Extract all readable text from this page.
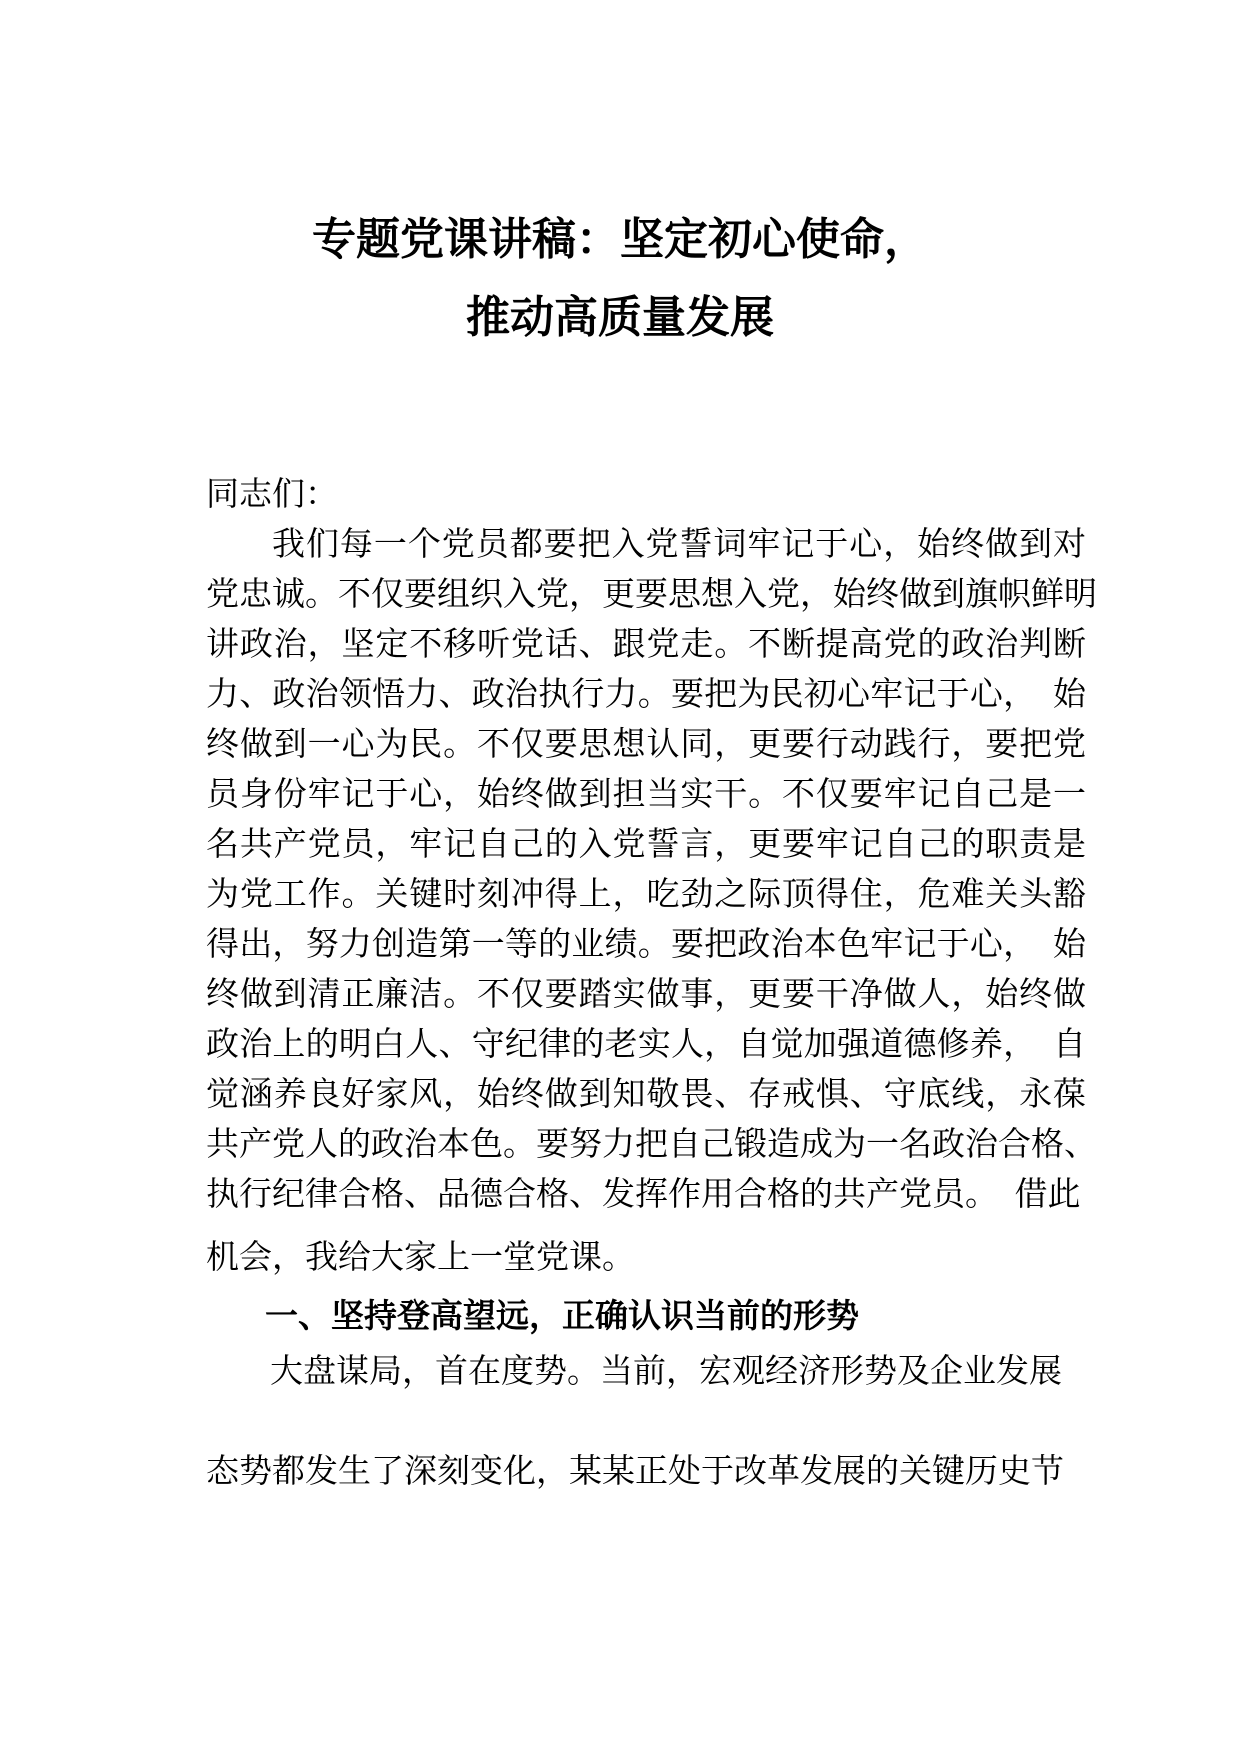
专题党课讲稿：坚定初心使命，
推动高质量发展

同志们：

我们每一个党员都要把入党誓词牢记于心，始终做到对

党忠诚。不仅要组织入党，更要思想入党，始终做到旗帜鲜明

讲政治，坚定不移听党话、跟党走。不断提高党的政治判断

力、政治领悟力、政治执行力。要把为民初心牢记于心，　始

终做到一心为民。不仅要思想认同，更要行动践行，要把党

员身份牢记于心，始终做到担当实干。不仅要牢记自己是一

名共产党员，牢记自己的入党誓言，更要牢记自己的职责是

为党工作。关键时刻冲得上，吃劲之际顶得住，危难关头豁

得出，努力创造第一等的业绩。要把政治本色牢记于心，　始

终做到清正廉洁。不仅要踏实做事，更要干净做人，始终做

政治上的明白人、守纪律的老实人，自觉加强道德修养，　自

觉涵养良好家风，始终做到知敬畏、存戒惧、守底线，永葆

共产党人的政治本色。要努力把自己锻造成为一名政治合格、

执行纪律合格、品德合格、发挥作用合格的共产党员。　借此

机会，我给大家上一堂党课。

一、坚持登高望远，正确认识当前的形势

大盘谋局，首在度势。当前，宏观经济形势及企业发展

态势都发生了深刻变化，某某正处于改革发展的关键历史节
